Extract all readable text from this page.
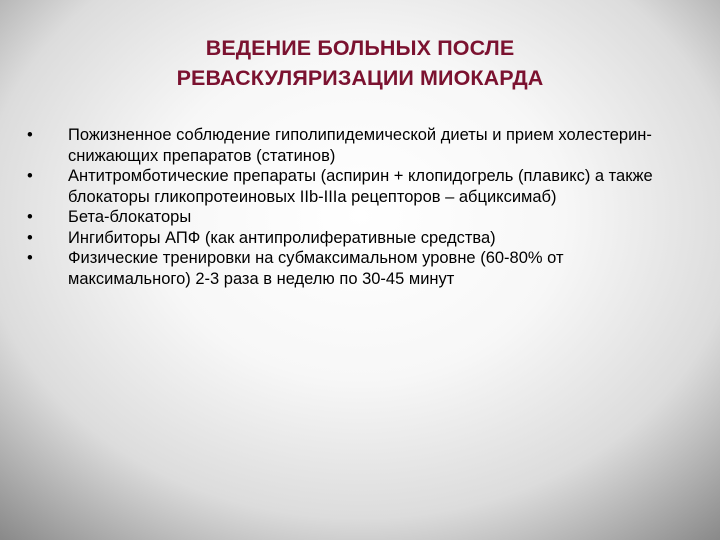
ВЕДЕНИЕ БОЛЬНЫХ ПОСЛЕ
РЕВАСКУЛЯРИЗАЦИИ МИОКАРДА
•	Пожизненное соблюдение гиполипидемической диеты и прием холестерин-снижающих препаратов (статинов)
•	Антитромботические препараты (аспирин + клопидогрель (плавикс) а также блокаторы гликопротеиновых IIb-IIIa рецепторов – абциксимаб)
•	Бета-блокаторы
•	Ингибиторы АПФ (как антипролиферативные средства)
•	Физические тренировки на субмаксимальном уровне (60-80% от максимального) 2-3 раза в неделю по 30-45 минут
